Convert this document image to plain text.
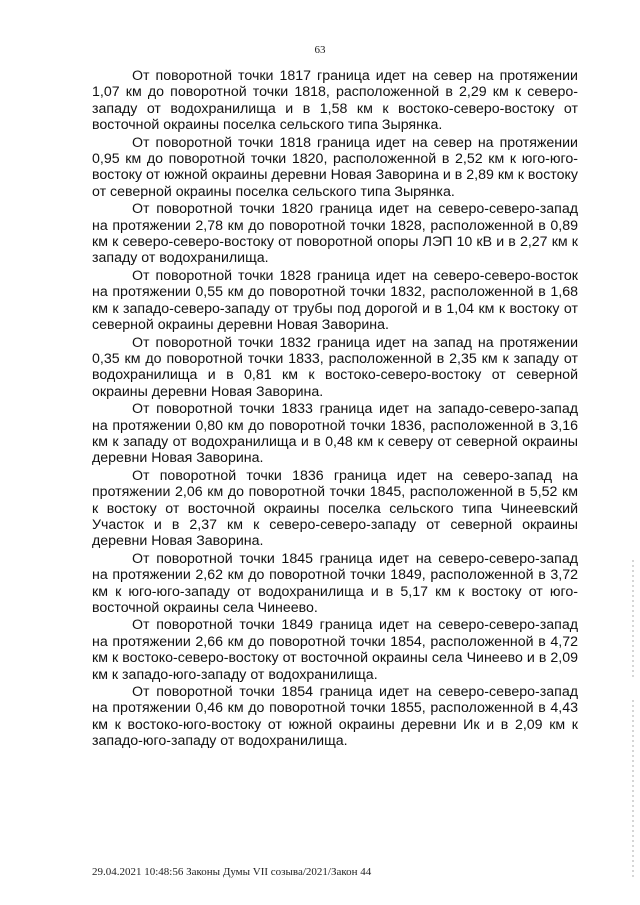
63

От поворотной точки 1817 граница идет на север на протяжении 1,07 км до поворотной точки 1818, расположенной в 2,29 км к северо-западу от водохранилища и в 1,58 км к востоко-северо-востоку от восточной окраины поселка сельского типа Зырянка.

От поворотной точки 1818 граница идет на север на протяжении 0,95 км до поворотной точки 1820, расположенной в 2,52 км к юго-юго-востоку от южной окраины деревни Новая Заворина и в 2,89 км к востоку от северной окраины поселка сельского типа Зырянка.

От поворотной точки 1820 граница идет на северо-северо-запад на протяжении 2,78 км до поворотной точки 1828, расположенной в 0,89 км к северо-северо-востоку от поворотной опоры ЛЭП 10 кВ и в 2,27 км к западу от водохранилища.

От поворотной точки 1828 граница идет на северо-северо-восток на протяжении 0,55 км до поворотной точки 1832, расположенной в 1,68 км к западо-северо-западу от трубы под дорогой и в 1,04 км к востоку от северной окраины деревни Новая Заворина.

От поворотной точки 1832 граница идет на запад на протяжении 0,35 км до поворотной точки 1833, расположенной в 2,35 км к западу от водохранилища и в 0,81 км к востоко-северо-востоку от северной окраины деревни Новая Заворина.

От поворотной точки 1833 граница идет на западо-северо-запад на протяжении 0,80 км до поворотной точки 1836, расположенной в 3,16 км к западу от водохранилища и в 0,48 км к северу от северной окраины деревни Новая Заворина.

От поворотной точки 1836 граница идет на северо-запад на протяжении 2,06 км до поворотной точки 1845, расположенной в 5,52 км к востоку от восточной окраины поселка сельского типа Чинеевский Участок и в 2,37 км к северо-северо-западу от северной окраины деревни Новая Заворина.

От поворотной точки 1845 граница идет на северо-северо-запад на протяжении 2,62 км до поворотной точки 1849, расположенной в 3,72 км к юго-юго-западу от водохранилища и в 5,17 км к востоку от юго-восточной окраины села Чинеево.

От поворотной точки 1849 граница идет на северо-северо-запад на протяжении 2,66 км до поворотной точки 1854, расположенной в 4,72 км к востоко-северо-востоку от восточной окраины села Чинеево и в 2,09 км к западо-юго-западу от водохранилища.

От поворотной точки 1854 граница идет на северо-северо-запад на протяжении 0,46 км до поворотной точки 1855, расположенной в 4,43 км к востоко-юго-востоку от южной окраины деревни Ик и в 2,09 км к западо-юго-западу от водохранилища.

29.04.2021 10:48:56 Законы Думы VII созыва/2021/Закон 44
